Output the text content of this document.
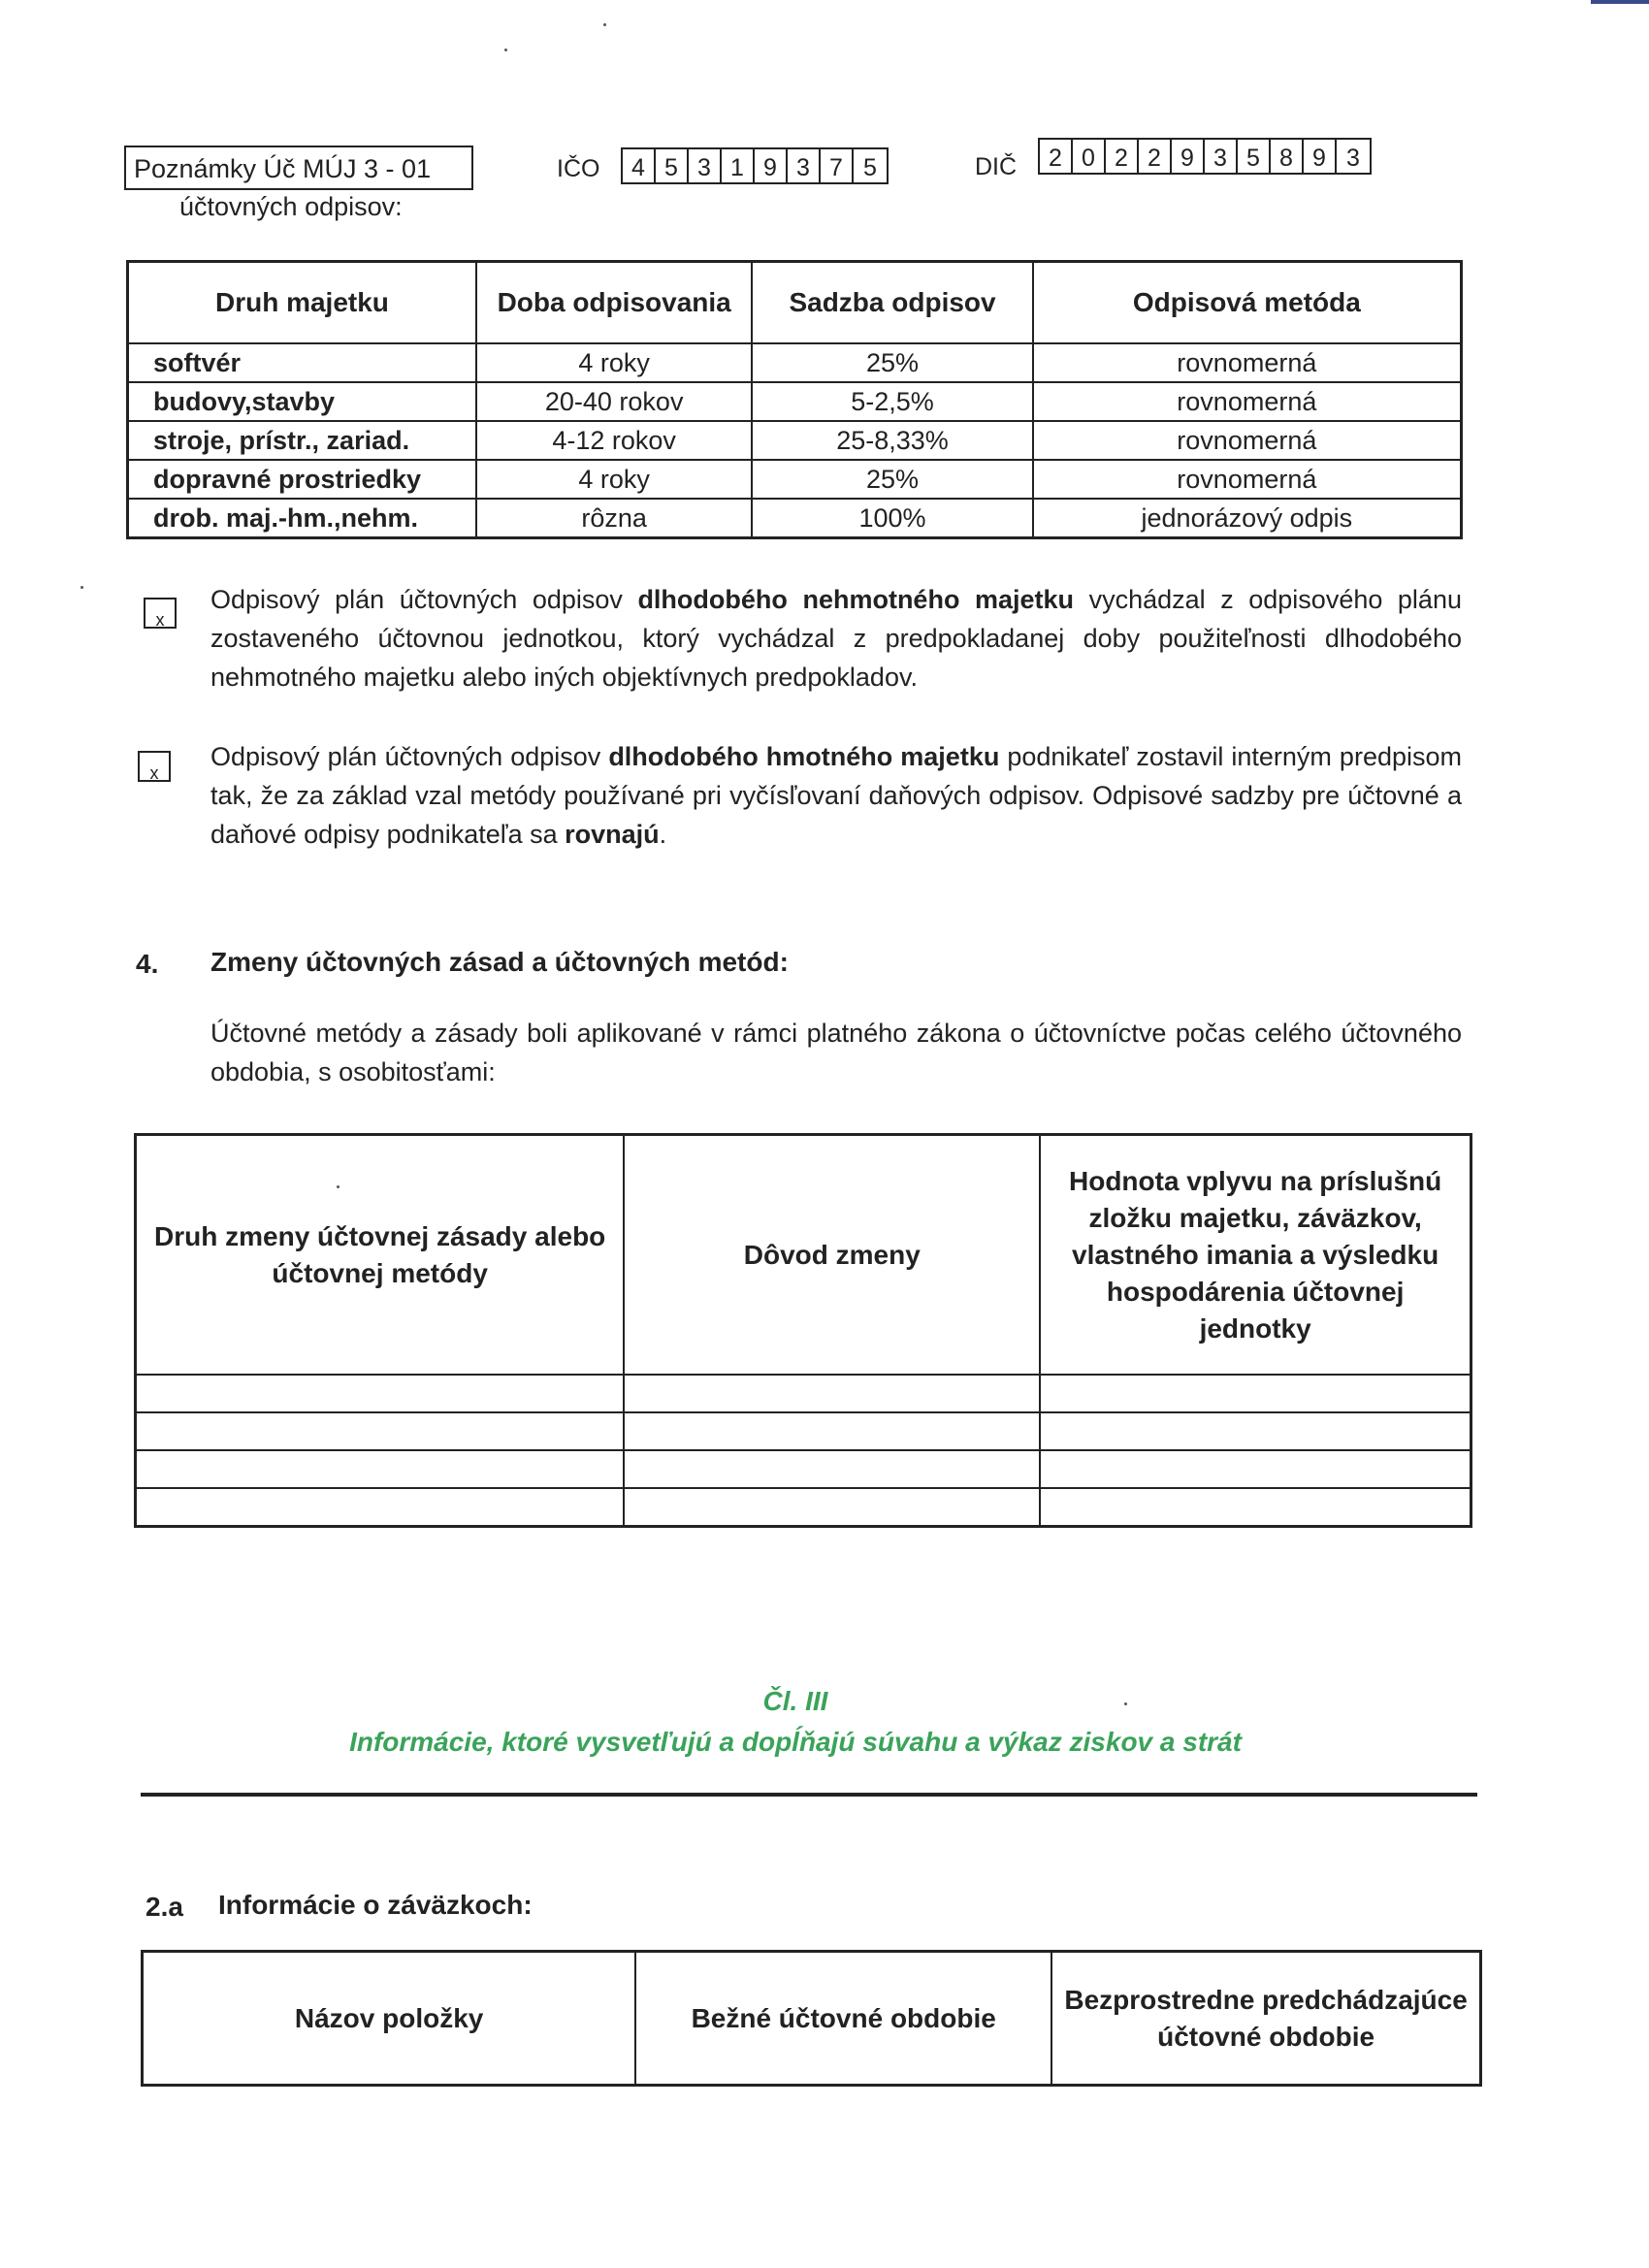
Poznámky Úč MÚJ 3 - 01
účtovných odpisov:
IČO	4 5 3 1 9 3 7 5	DIČ	2 0 2 2 9 3 5 8 9 3
Druh majetku	Doba odpisovania	Sadzba odpisov	Odpisová metóda
softvér	4 roky	25%	rovnomerná
budovy,stavby	20-40 rokov	5-2,5%	rovnomerná
stroje, prístr., zariad.	4-12 rokov	25-8,33%	rovnomerná
dopravné prostriedky	4 roky	25%	rovnomerná
drob. maj.-hm.,nehm.	rôzna	100%	jednorázový odpis
x
Odpisový plán účtovných odpisov dlhodobého nehmotného majetku vychádzal z odpisového plánu zostaveného účtovnou jednotkou, ktorý vychádzal z predpokladanej doby použiteľnosti dlhodobého nehmotného majetku alebo iných objektívnych predpokladov.
x
Odpisový plán účtovných odpisov dlhodobého hmotného majetku podnikateľ zostavil interným predpisom tak, že za základ vzal metódy používané pri vyčísľovaní daňových odpisov. Odpisové sadzby pre účtovné a daňové odpisy podnikateľa sa rovnajú.
4. Zmeny účtovných zásad a účtovných metód:
Účtovné metódy a zásady boli aplikované v rámci platného zákona o účtovníctve počas celého účtovného obdobia, s osobitosťami:
Druh zmeny účtovnej zásady alebo účtovnej metódy	Dôvod zmeny	Hodnota vplyvu na príslušnú zložku majetku, záväzkov, vlastného imania a výsledku hospodárenia účtovnej jednotky

Čl. III
Informácie, ktoré vysvetľujú a dopĺňajú súvahu a výkaz ziskov a strát
2.a Informácie o záväzkoch:
Názov položky	Bežné účtovné obdobie	Bezprostredne predchádzajúce účtovné obdobie
